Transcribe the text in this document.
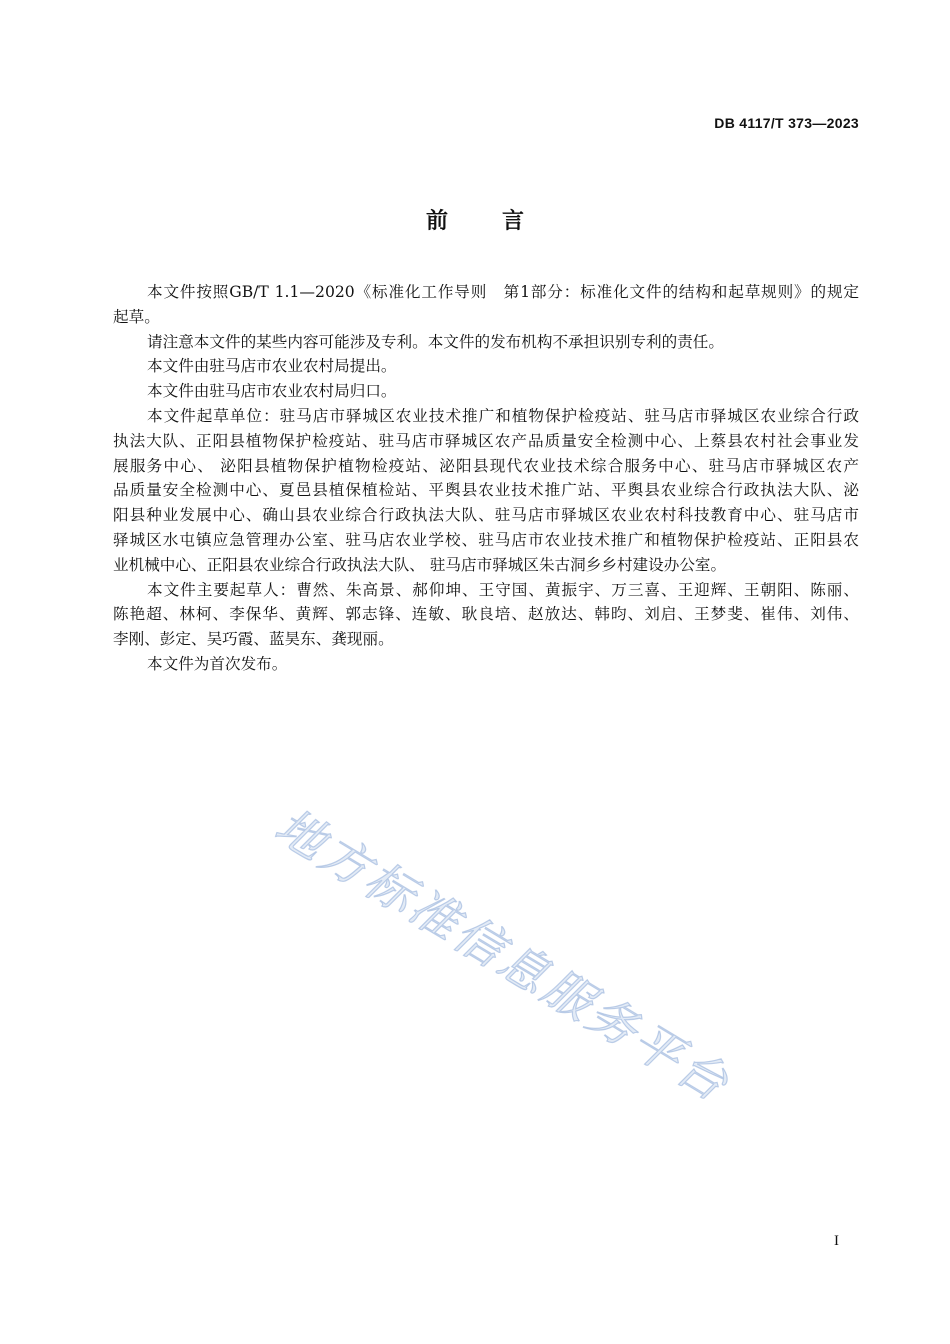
DB 4117/T 373—2023
前 言
本文件按照GB/T 1.1—2020《标准化工作导则　第1部分：标准化文件的结构和起草规则》的规定
起草。
请注意本文件的某些内容可能涉及专利。本文件的发布机构不承担识别专利的责任。
本文件由驻马店市农业农村局提出。
本文件由驻马店市农业农村局归口。
本文件起草单位：驻马店市驿城区农业技术推广和植物保护检疫站、驻马店市驿城区农业综合行政
执法大队、正阳县植物保护检疫站、驻马店市驿城区农产品质量安全检测中心、上蔡县农村社会事业发
展服务中心、 泌阳县植物保护植物检疫站、泌阳县现代农业技术综合服务中心、驻马店市驿城区农产
品质量安全检测中心、夏邑县植保植检站、平舆县农业技术推广站、平舆县农业综合行政执法大队、泌
阳县种业发展中心、确山县农业综合行政执法大队、驻马店市驿城区农业农村科技教育中心、驻马店市
驿城区水屯镇应急管理办公室、驻马店农业学校、驻马店市农业技术推广和植物保护检疫站、正阳县农
业机械中心、正阳县农业综合行政执法大队、 驻马店市驿城区朱古洞乡乡村建设办公室。
本文件主要起草人：曹然、朱高景、郝仰坤、王守国、黄振宇、万三喜、王迎辉、王朝阳、陈丽、
陈艳超、林柯、李保华、黄辉、郭志锋、连敏、耿良培、赵放达、韩昀、刘启、王梦斐、崔伟、刘伟、
李刚、彭定、吴巧霞、蓝昊东、龚现丽。
本文件为首次发布。
地方标准信息服务平台
I
